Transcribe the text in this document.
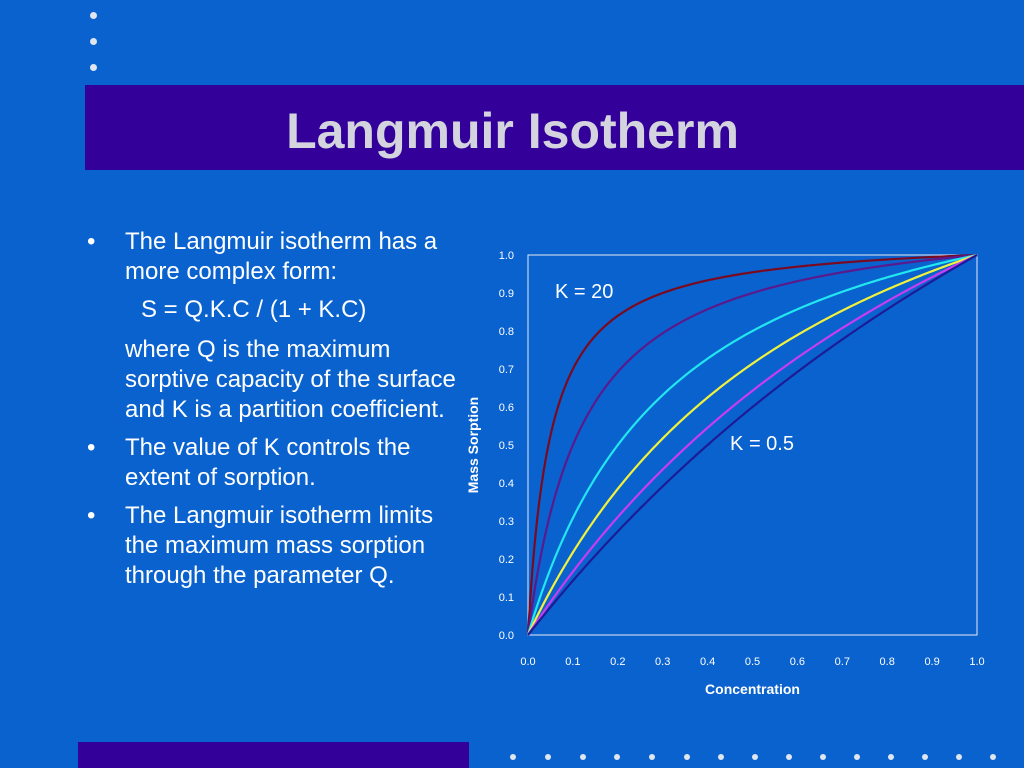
Langmuir Isotherm
• The Langmuir isotherm has a more complex form:

S = Q.K.C / (1 + K.C)

where Q is the maximum sorptive capacity of the surface and K is a partition coefficient.

• The value of K controls the extent of sorption.

• The Langmuir isotherm limits the maximum mass sorption through the parameter Q.

0.0	0.1	0.2	0.3	0.4	0.5	0.6	0.7	0.8	0.9	1.0
0.0
0.1
0.2
0.3
0.4
0.5
0.6
0.7
0.8
0.9
1.0
K = 20
K = 0.5
Concentration
Mass Sorption
